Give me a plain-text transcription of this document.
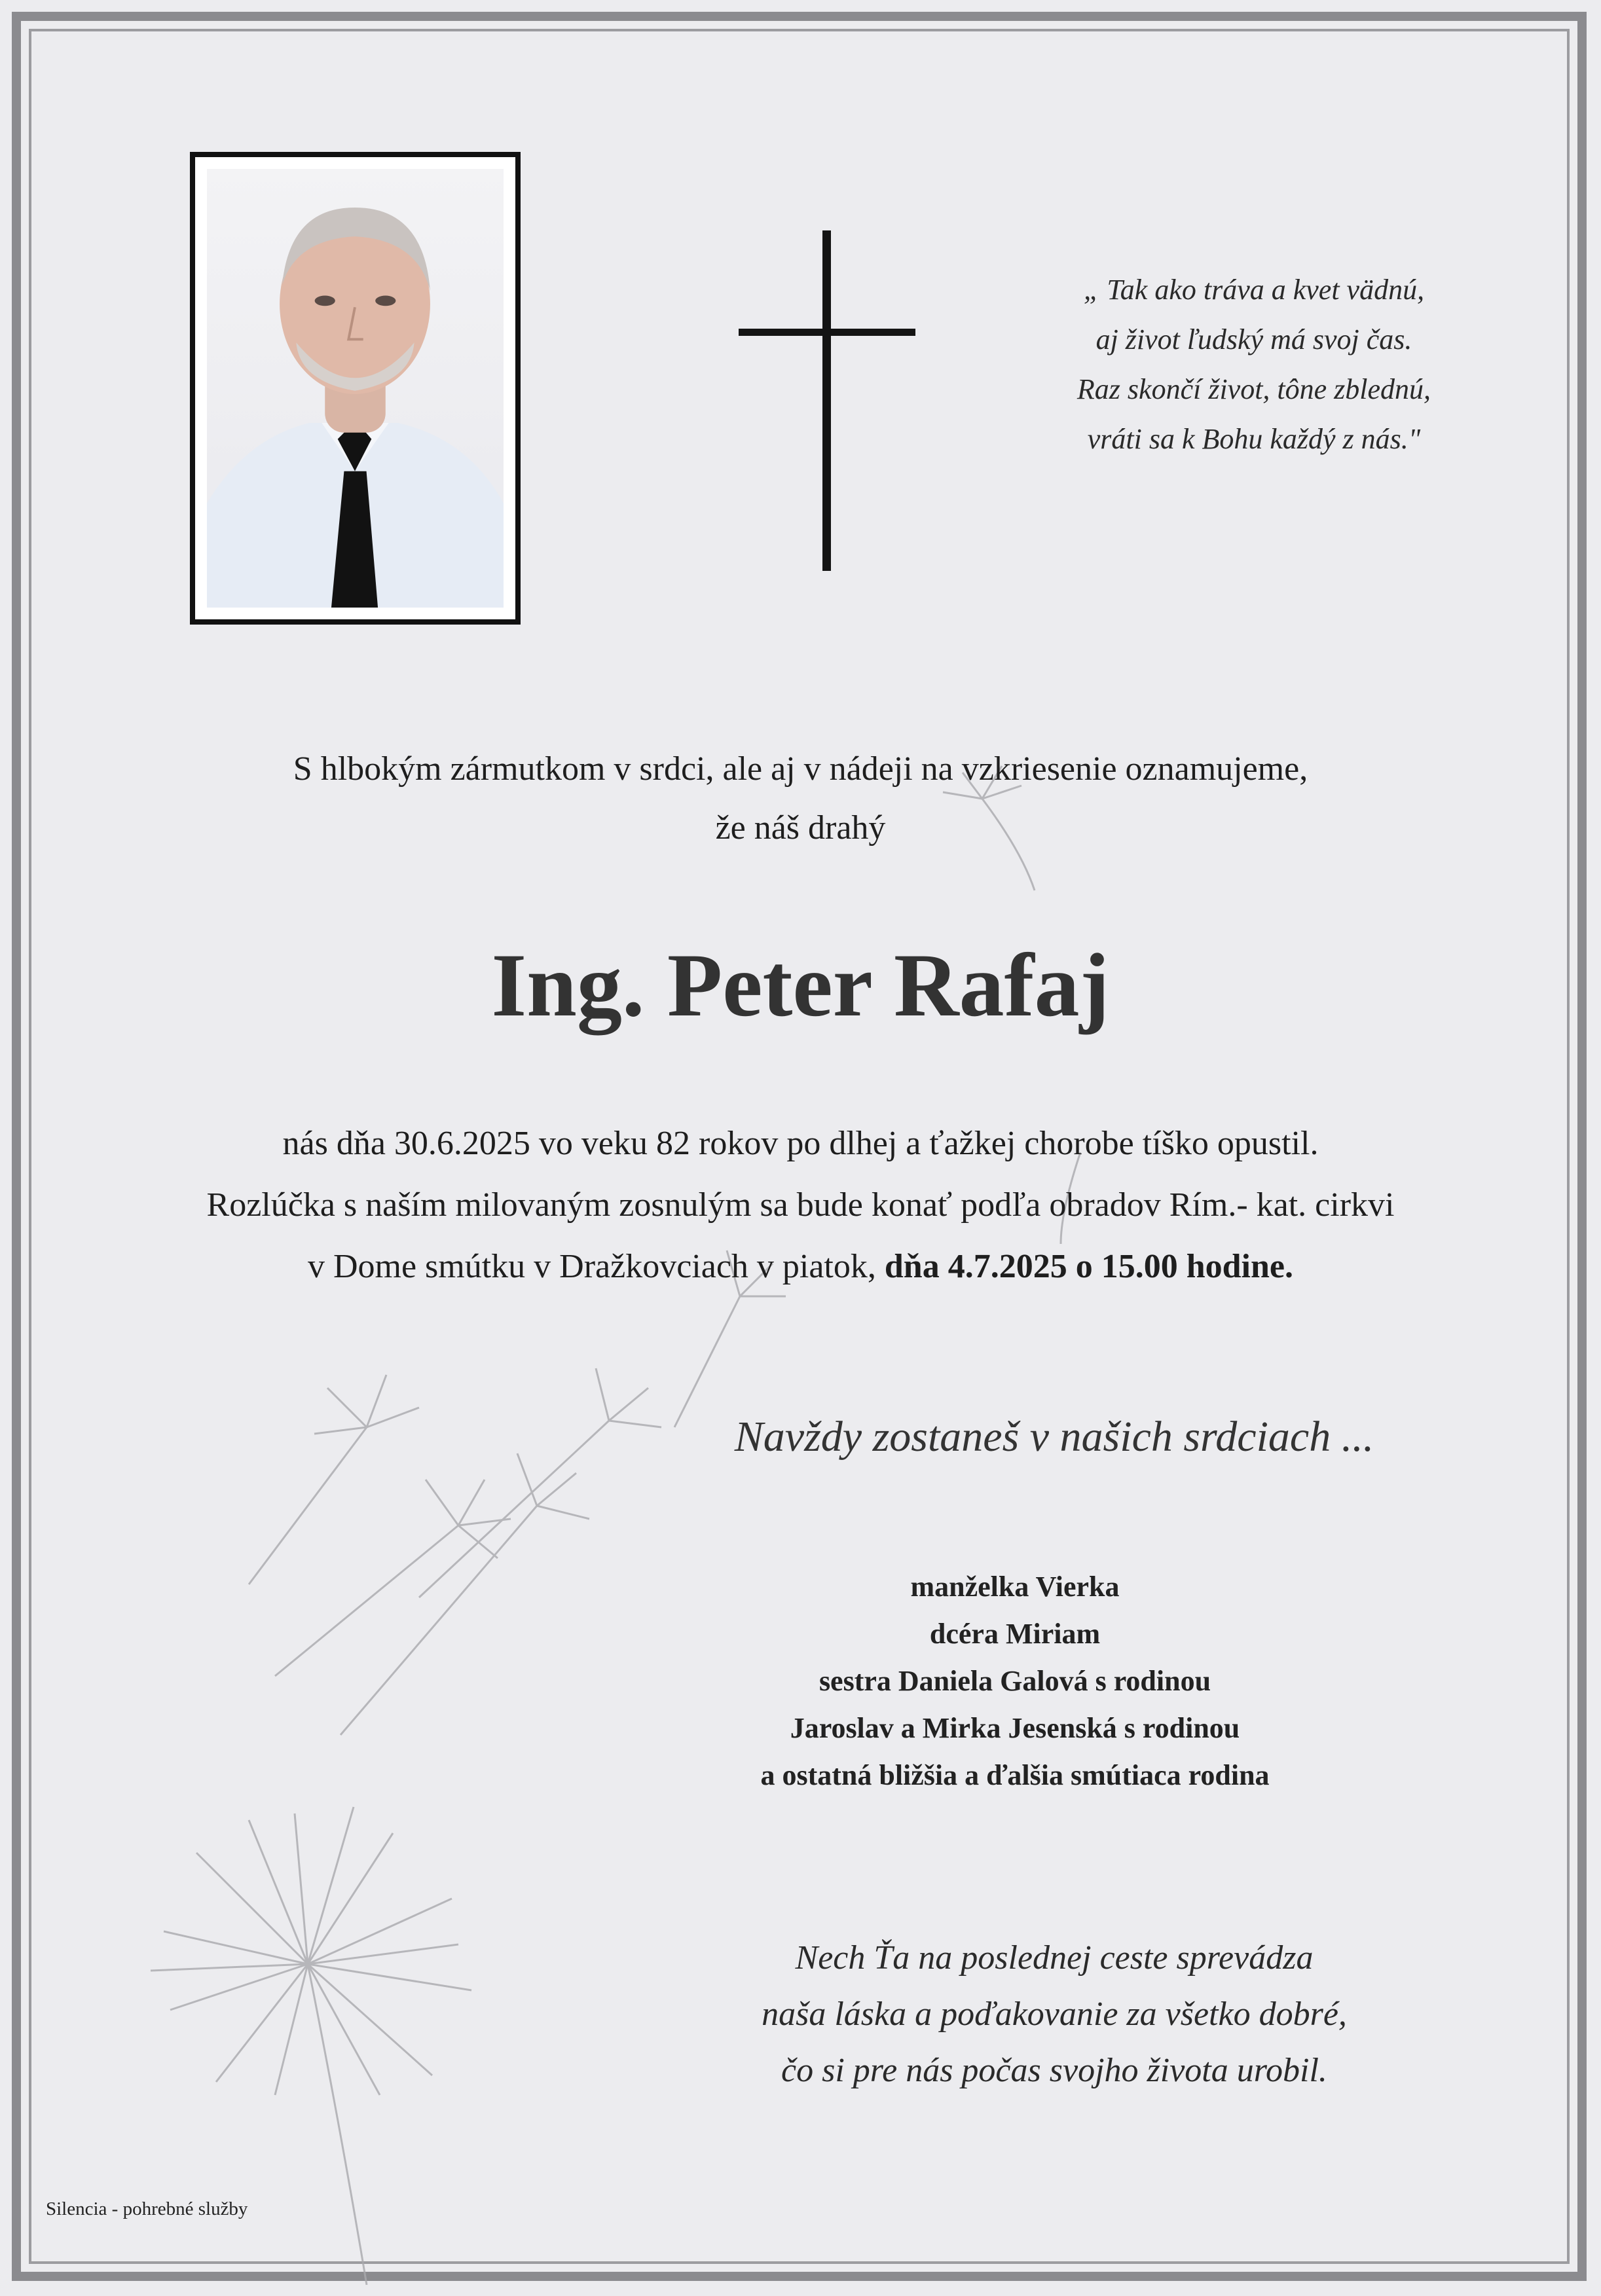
„ Tak ako tráva a kvet vädnú,
aj život ľudský má svoj čas.
Raz skončí život, tône zblednú,
vráti sa k Bohu každý z nás."
S hlbokým zármutkom v srdci, ale aj v nádeji na vzkriesenie oznamujeme,
že náš drahý
Ing. Peter Rafaj
nás dňa 30.6.2025 vo veku 82 rokov po dlhej a ťažkej chorobe tíško opustil.
Rozlúčka s naším milovaným zosnulým sa bude konať podľa obradov Rím.- kat. cirkvi
v Dome smútku v Dražkovciach v piatok, dňa 4.7.2025 o 15.00 hodine.
Navždy zostaneš v našich srdciach ...
manželka Vierka
dcéra Miriam
sestra Daniela Galová s rodinou
Jaroslav a Mirka Jesenská s rodinou
a ostatná bližšia a ďalšia smútiaca rodina
Nech Ťa na poslednej ceste sprevádza
naša láska a poďakovanie za všetko dobré,
čo si pre nás počas svojho života urobil.
Silencia - pohrebné služby
